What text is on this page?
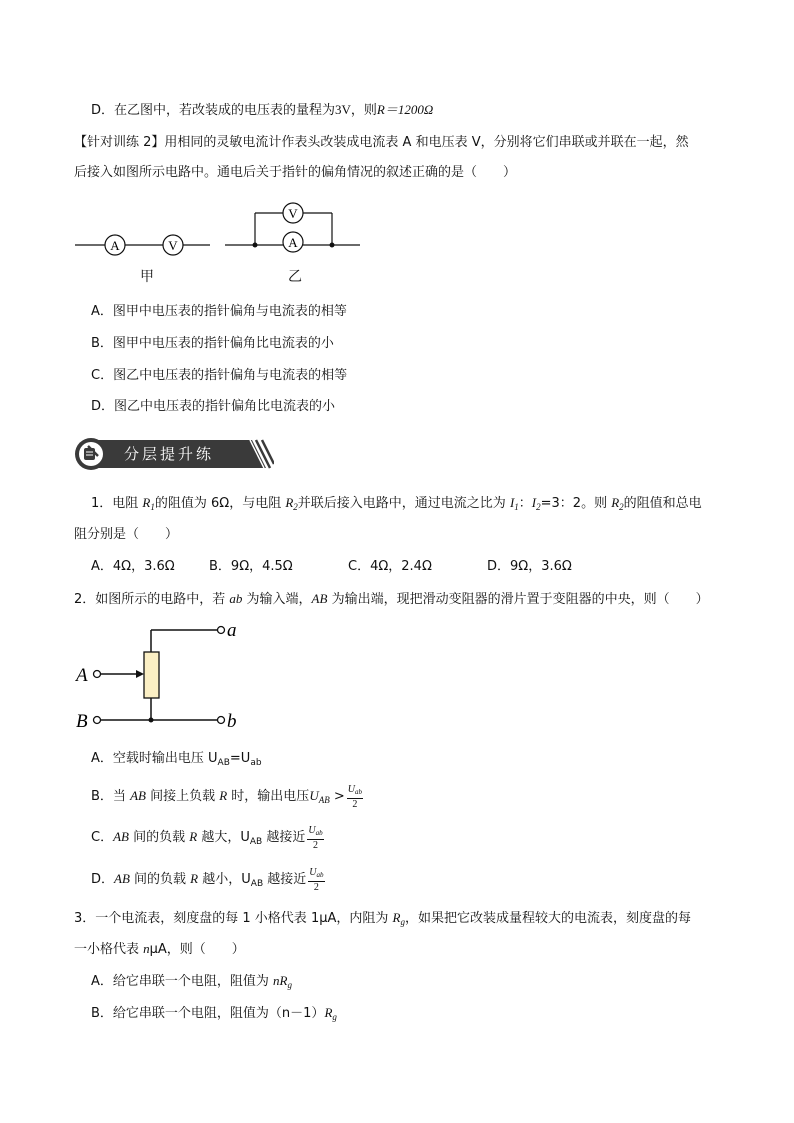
D．在乙图中，若改装成的电压表的量程为3V，则R＝1200Ω
【针对训练 2】用相同的灵敏电流计作表头改装成电流表 A 和电压表 V，分别将它们串联或并联在一起，然
后接入如图所示电路中。通电后关于指针的偏角情况的叙述正确的是（　　）
A	V
V
A
甲	乙
A．图甲中电压表的指针偏角与电流表的相等
B．图甲中电压表的指针偏角比电流表的小
C．图乙中电压表的指针偏角与电流表的相等
D．图乙中电压表的指针偏角比电流表的小
分层提升练
1．电阻 $R_1$的阻值为 6Ω，与电阻 $R_2$并联后接入电路中，通过电流之比为 $I_1$：$I_2=3$：2。则 $R_2$的阻值和总电
阻分别是（　　）
A．4Ω，3.6Ω	B．9Ω，4.5Ω	C．4Ω，2.4Ω	D．9Ω，3.6Ω
2．如图所示的电路中，若 ab 为输入端，AB 为输出端，现把滑动变阻器的滑片置于变阻器的中央，则（　　）
A
B
a
b
A．空载时输出电压 $U_{AB}=U_{ab}$
B．当 AB 间接上负载 R 时，输出电压$U_{AB} > \frac{U_{ab}}{2}$
C．AB 间的负载 R 越大，$U_{AB}$ 越接近 $\frac{U_{ab}}{2}$
D．AB 间的负载 R 越小，$U_{AB}$ 越接近 $\frac{U_{ab}}{2}$
3．一个电流表，刻度盘的每 1 小格代表 1μA，内阻为 $R_g$，如果把它改装成量程较大的电流表，刻度盘的每
一小格代表 nμA，则（　　）
A．给它串联一个电阻，阻值为 $nR_g$
B．给它串联一个电阻，阻值为$(n-1)R_g$
